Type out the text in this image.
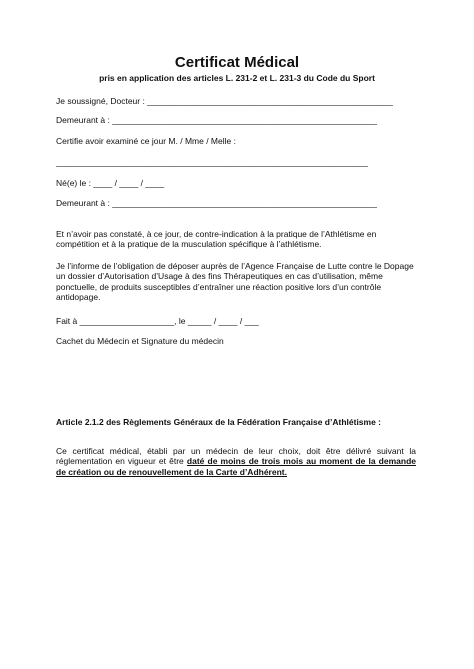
Certificat Médical

pris en application des articles L. 231-2 et L. 231-3 du Code du Sport

Je soussigné, Docteur : ____________________________________________________

Demeurant à : ________________________________________________________

Certifie avoir examiné ce jour M. / Mme / Melle :

__________________________________________________________________

Né(e) le : ____ / ____ / ____

Demeurant à : ________________________________________________________

Et n’avoir pas constaté, à ce jour, de contre-indication à la pratique de l’Athlétisme en compétition et à la pratique de la musculation spécifique à l’athlétisme.

Je l’informe de l’obligation de déposer auprès de l’Agence Française de Lutte contre le Dopage un dossier d’Autorisation d’Usage à des fins Thérapeutiques en cas d’utilisation, même ponctuelle, de produits susceptibles d’entraîner une réaction positive lors d’un contrôle antidopage.

Fait à ____________________, le _____ / ____ / ___

Cachet du Médecin et Signature du médecin

Article 2.1.2 des Règlements Généraux de la Fédération Française d’Athlétisme :

Ce certificat médical, établi par un médecin de leur choix, doit être délivré suivant la réglementation en vigueur et être daté de moins de trois mois au moment de la demande de création ou de renouvellement de la Carte d’Adhérent.
